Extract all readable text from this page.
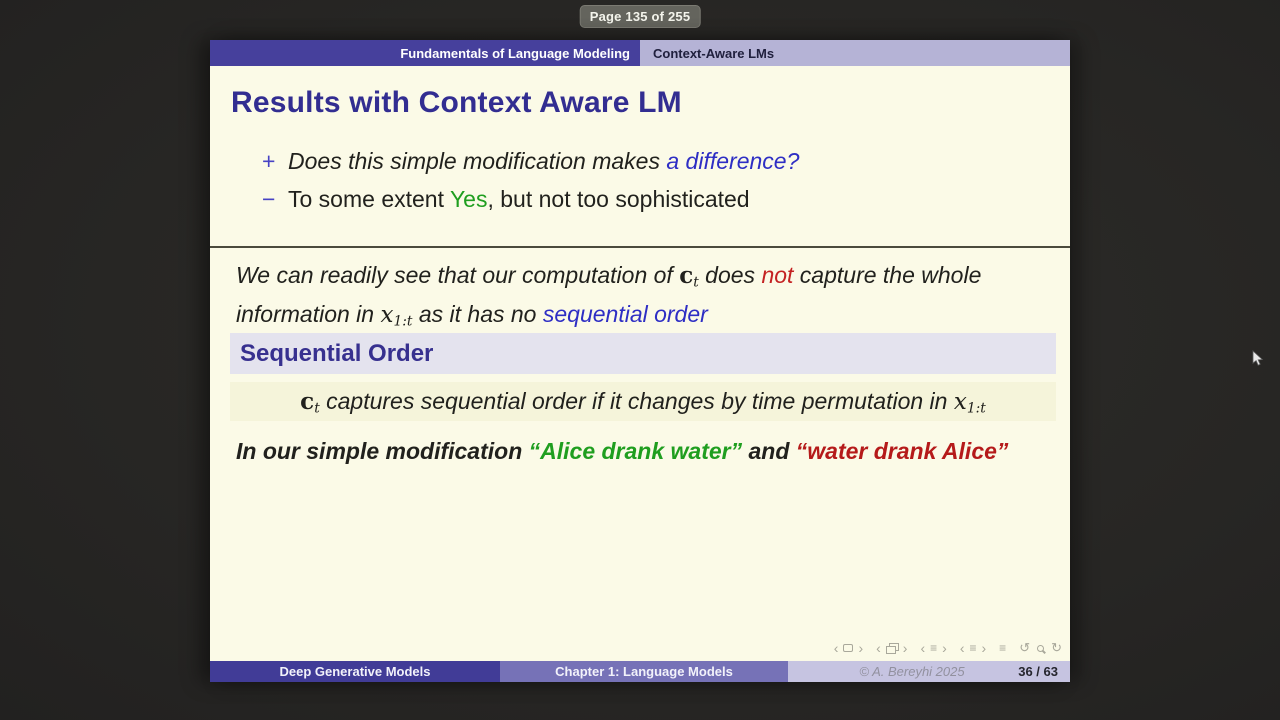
Page 135 of 255
Fundamentals of Language Modeling	Context-Aware LMs
Results with Context Aware LM
+ Does this simple modification makes a difference?
− To some extent Yes, but not too sophisticated
We can readily see that our computation of ct does not capture the whole
information in x1:t as it has no sequential order
Sequential Order
ct captures sequential order if it changes by time permutation in x1:t
In our simple modification “Alice drank water” and “water drank Alice”
‹ › ‹ › ‹ ≡ › ‹ ≡ › ≡ ↺ ↻
Deep Generative Models	Chapter 1: Language Models	© A. Bereyhi 2025	36 / 63
